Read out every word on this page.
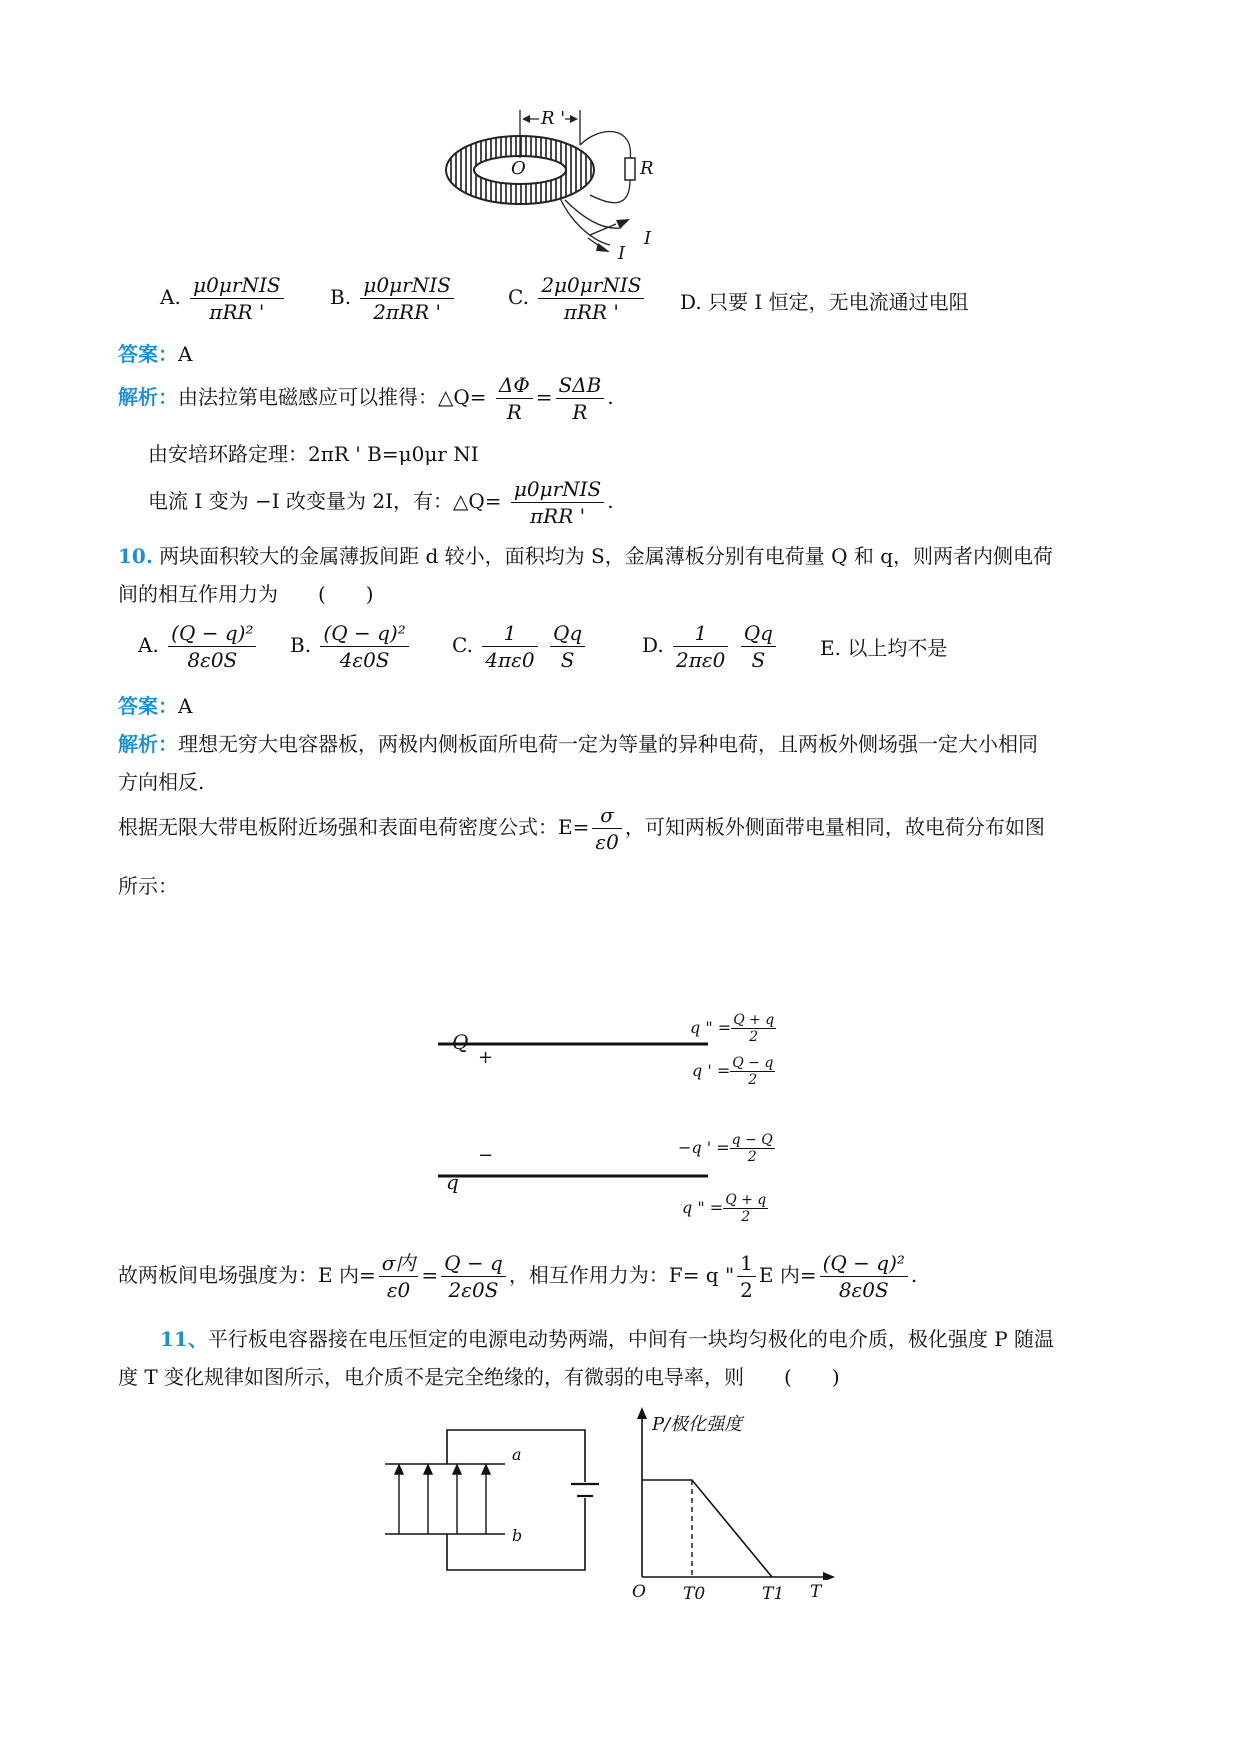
R '
O	R
I
I
A. $\frac{\text{μ0μrNIS}}{\text{πRR '}} B$. $\frac{\text{μ0μrNIS}}{\text{2πRR '}}$	C. $\frac{\text{2μ0μrNIS}}{\text{πRR '}} D$. 只要 I 恒定，无电流通过电阻
答案：A
解析：由法拉第电磁感应可以推得：△Q= $\frac{\Delta\Phi}{R} = \frac{\text{SΔB}}{R}$ .
由安培环路定理：2πR ' B=μ0μr NI
电流 I 变为 −I 改变量为 2I，有：△Q= $\frac{\text{μ0μrNIS}}{\text{πRR '}}$ .
10. 两块面积较大的金属薄扳间距 d 较小，面积均为 S，金属薄板分别有电荷量 Q 和 q，则两者内侧电荷
间的相互作用力为　　(　　)
A. $\frac{\text{(Q − q)²}}{8\varepsilon 0S} B$. $\frac{\text{(Q − q)²}}{4\varepsilon 0S} C$. $\frac{1}{4\pi\varepsilon 0}$
$\frac{Qq}{S}$	D. $\frac{1}{2\pi\varepsilon 0}$
$\frac{Qq}{S} E$. 以上均不是
答案：A
解析：理想无穷大电容器板，两极内侧板面所电荷一定为等量的异种电荷，且两板外侧场强一定大小相同
方向相反.
根据无限大带电板附近场强和表面电荷密度公式：$E= \frac{\sigma}{\varepsilon 0}$ ，可知两板外侧面带电量相同，故电荷分布如图
所示：
Q
+
q " = $\frac{Q + q}{2}$
q ' = $\frac{Q - q}{2}$
−
q
−q ' = $\frac{q - Q}{2}$
q " = $\frac{Q + q}{2}$
故两板间电场强度为：E 内= $\frac{\text{σ内}}{\varepsilon 0} = \frac{Q - q}{2\varepsilon 0S}$ ，相互作用力为：F= q " $\frac{1}{2}$ E 内= $\frac{\text{(Q − q)²}}{8\varepsilon 0S}$ .
11、平行板电容器接在电压恒定的电源电动势两端，中间有一块均匀极化的电介质，极化强度 P 随温
度 T 变化规律如图所示，电介质不是完全绝缘的，有微弱的电导率，则　　(　　)
a
b
P/极化强度
O T0	T1 T
